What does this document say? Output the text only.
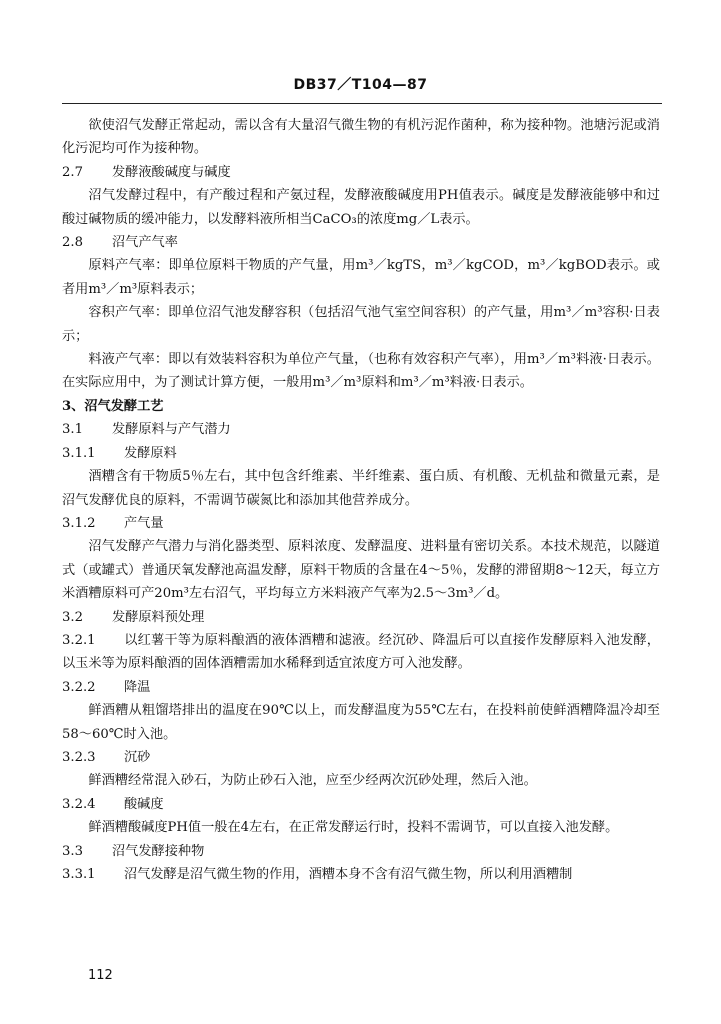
DB37／T104—87

欲使沼气发酵正常起动，需以含有大量沼气微生物的有机污泥作菌种，称为接种物。池塘污泥或消化污泥均可作为接种物。

2.7 发酵液酸碱度与碱度

沼气发酵过程中，有产酸过程和产氨过程，发酵液酸碱度用PH值表示。碱度是发酵液能够中和过酸过碱物质的缓冲能力，以发酵料液所相当CaCO₃的浓度mg／L表示。

2.8 沼气产气率

原料产气率：即单位原料干物质的产气量，用m³／kgTS，m³／kgCOD，m³／kgBOD表示。或者用m³／m³原料表示；

容积产气率：即单位沼气池发酵容积（包括沼气池气室空间容积）的产气量，用m³／m³容积·日表示；

料液产气率：即以有效装料容积为单位产气量，（也称有效容积产气率），用m³／m³料液·日表示。在实际应用中，为了测试计算方便，一般用m³／m³原料和m³／m³料液·日表示。

3、沼气发酵工艺

3.1 发酵原料与产气潜力

3.1.1 发酵原料

酒糟含有干物质5％左右，其中包含纤维素、半纤维素、蛋白质、有机酸、无机盐和微量元素，是沼气发酵优良的原料，不需调节碳氮比和添加其他营养成分。

3.1.2 产气量

沼气发酵产气潜力与消化器类型、原料浓度、发酵温度、进料量有密切关系。本技术规范，以隧道式（或罐式）普通厌氧发酵池高温发酵，原料干物质的含量在4～5％，发酵的滞留期8～12天，每立方米酒糟原料可产20m³左右沼气，平均每立方米料液产气率为2.5～3m³／d。

3.2 发酵原料预处理

3.2.1 以红薯干等为原料酿酒的液体酒糟和滤液。经沉砂、降温后可以直接作发酵原料入池发酵，以玉米等为原料酿酒的固体酒糟需加水稀释到适宜浓度方可入池发酵。

3.2.2 降温

鲜酒糟从粗馏塔排出的温度在90℃以上，而发酵温度为55℃左右，在投料前使鲜酒糟降温冷却至58～60℃时入池。

3.2.3 沉砂

鲜酒糟经常混入砂石，为防止砂石入池，应至少经两次沉砂处理，然后入池。

3.2.4 酸碱度

鲜酒糟酸碱度PH值一般在4左右，在正常发酵运行时，投料不需调节，可以直接入池发酵。

3.3 沼气发酵接种物

3.3.1 沼气发酵是沼气微生物的作用，酒糟本身不含有沼气微生物，所以利用酒糟制

112
